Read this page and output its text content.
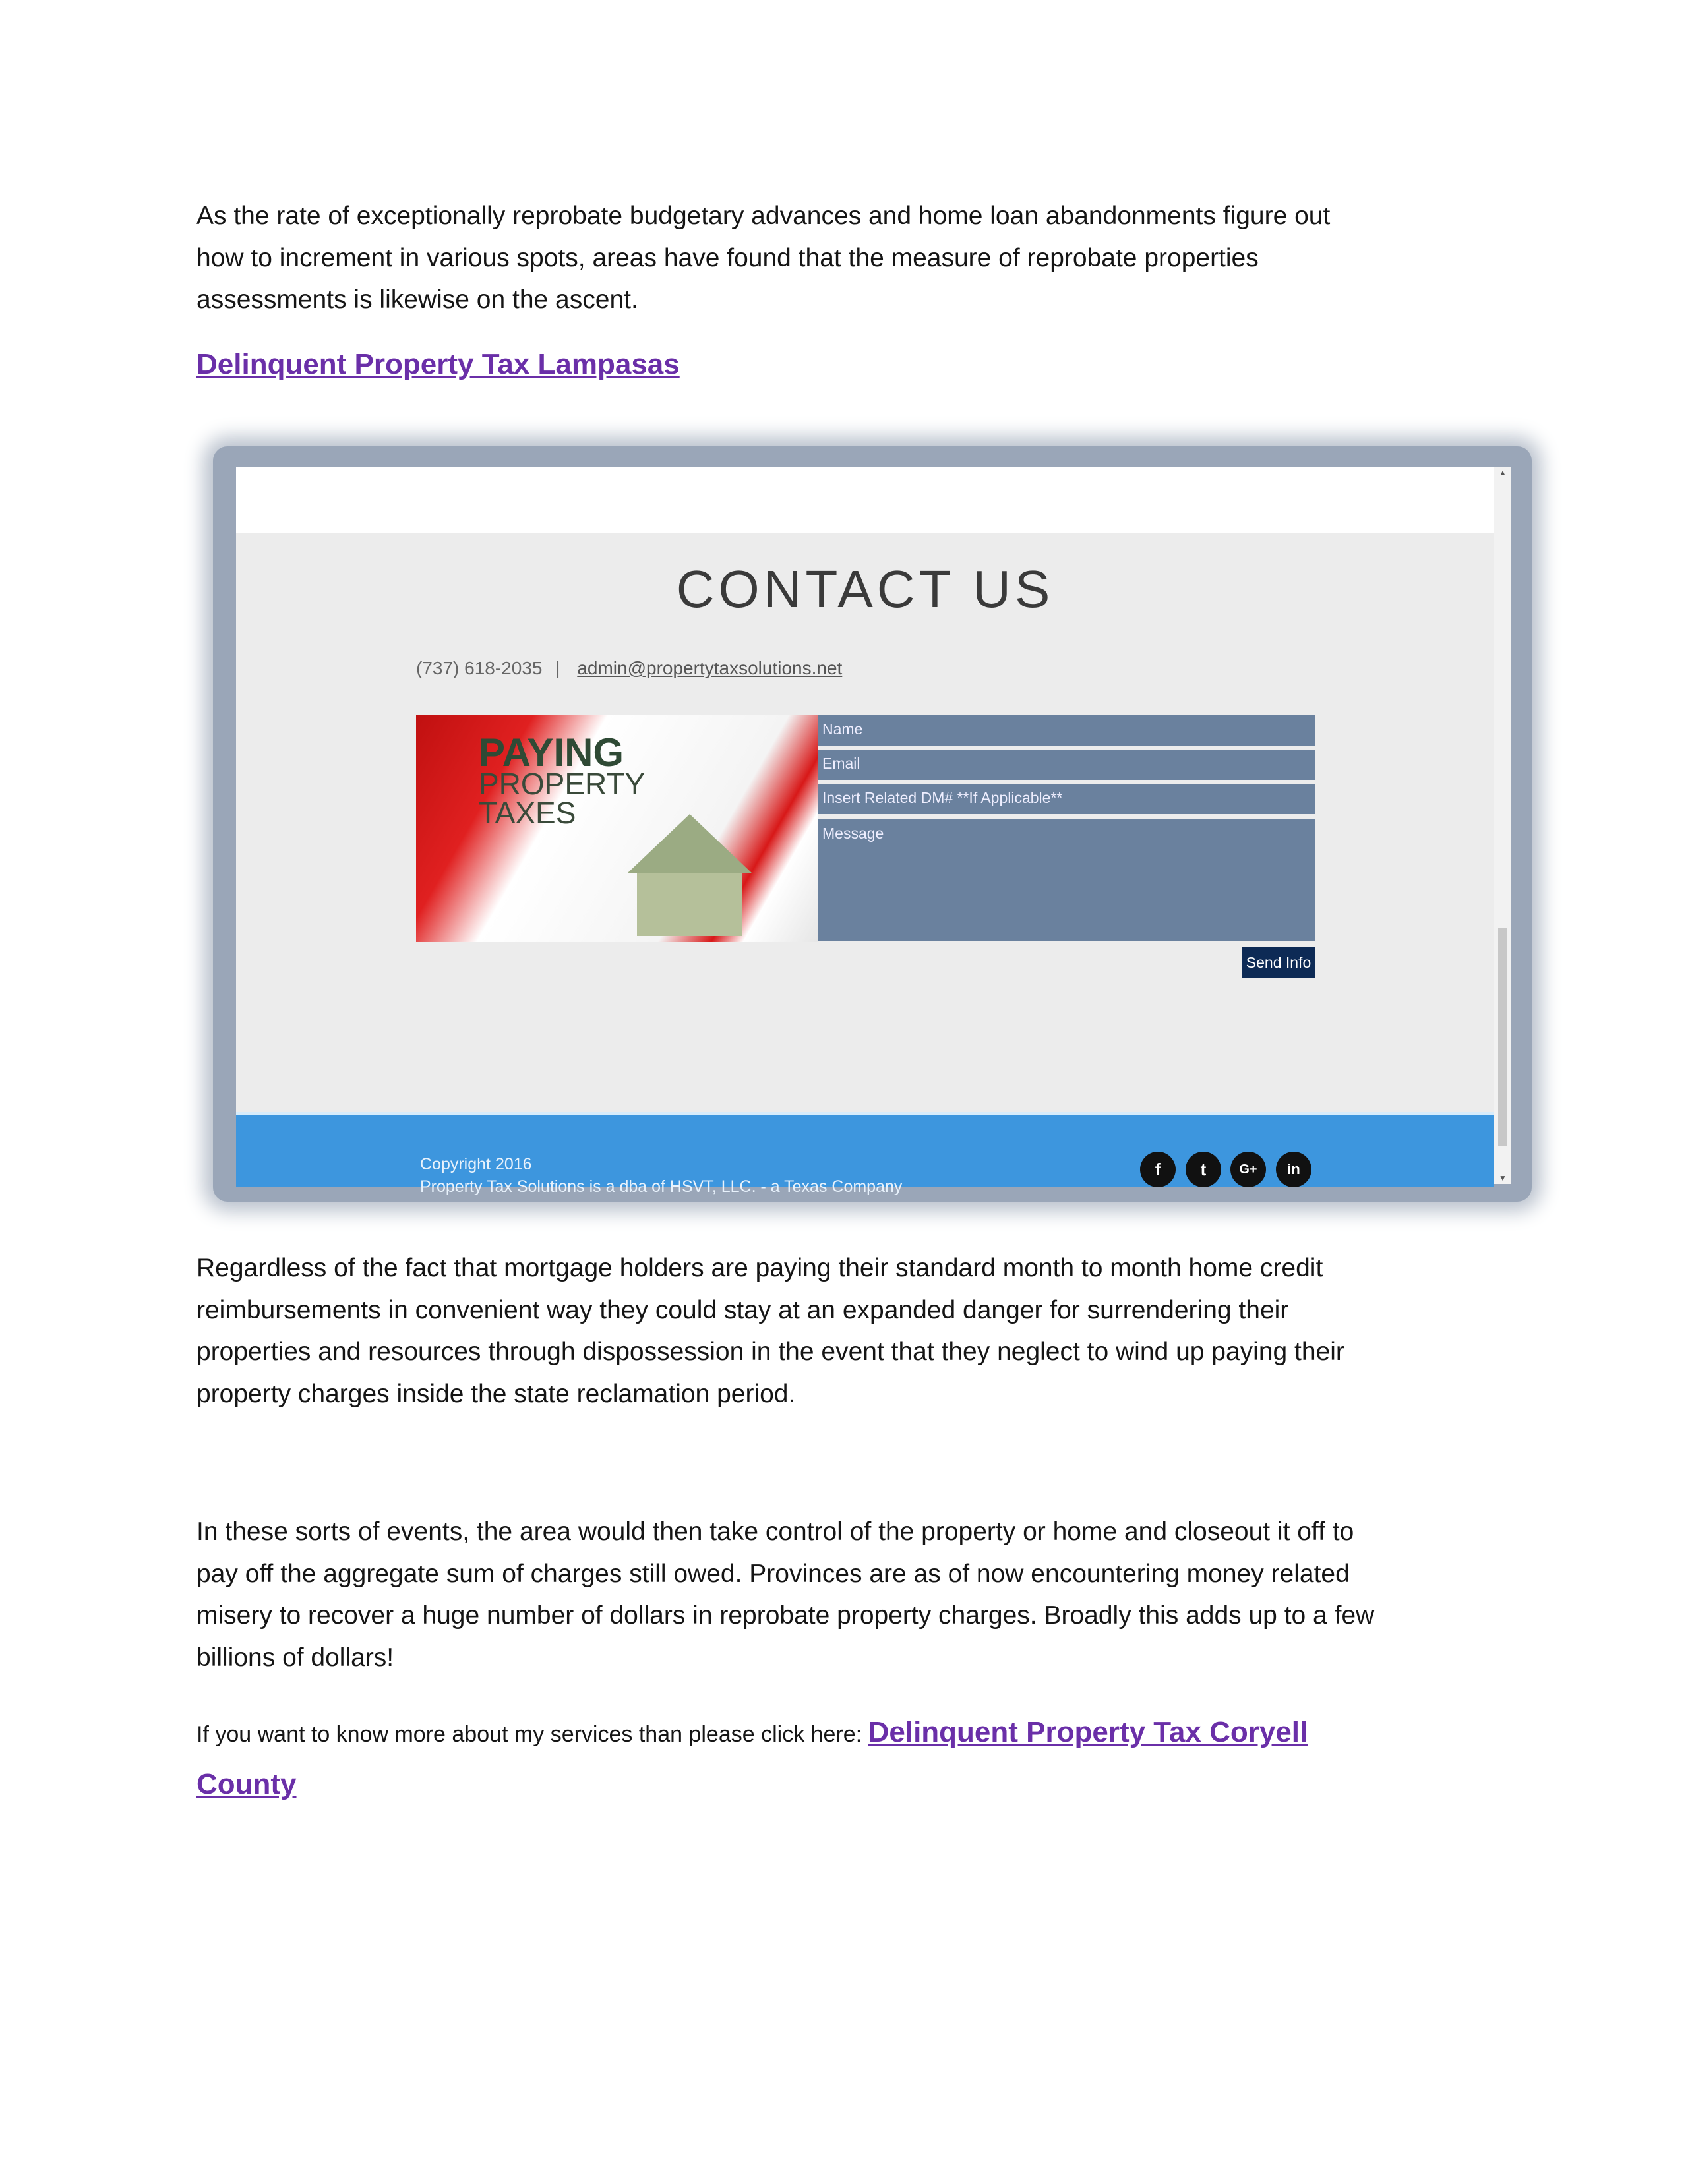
As the rate of exceptionally reprobate budgetary advances and home loan abandonments figure out
how to increment in various spots, areas have found that the measure of reprobate properties
assessments is likewise on the ascent.
Delinquent Property Tax Lampasas
CONTACT US
(737) 618-2035 | admin@propertytaxsolutions.net
PAYING
PROPERTY
TAXES
Name
Email
Insert Related DM# **If Applicable**
Message
Send Info
Copyright 2016
Property Tax Solutions is a dba of HSVT, LLC. - a Texas Company
f	t	G+	in
▲
▼
Regardless of the fact that mortgage holders are paying their standard month to month home credit
reimbursements in convenient way they could stay at an expanded danger for surrendering their
properties and resources through dispossession in the event that they neglect to wind up paying their
property charges inside the state reclamation period.
In these sorts of events, the area would then take control of the property or home and closeout it off to
pay off the aggregate sum of charges still owed. Provinces are as of now encountering money related
misery to recover a huge number of dollars in reprobate property charges. Broadly this adds up to a few
billions of dollars!
If you want to know more about my services than please click here: Delinquent Property Tax Coryell
County
